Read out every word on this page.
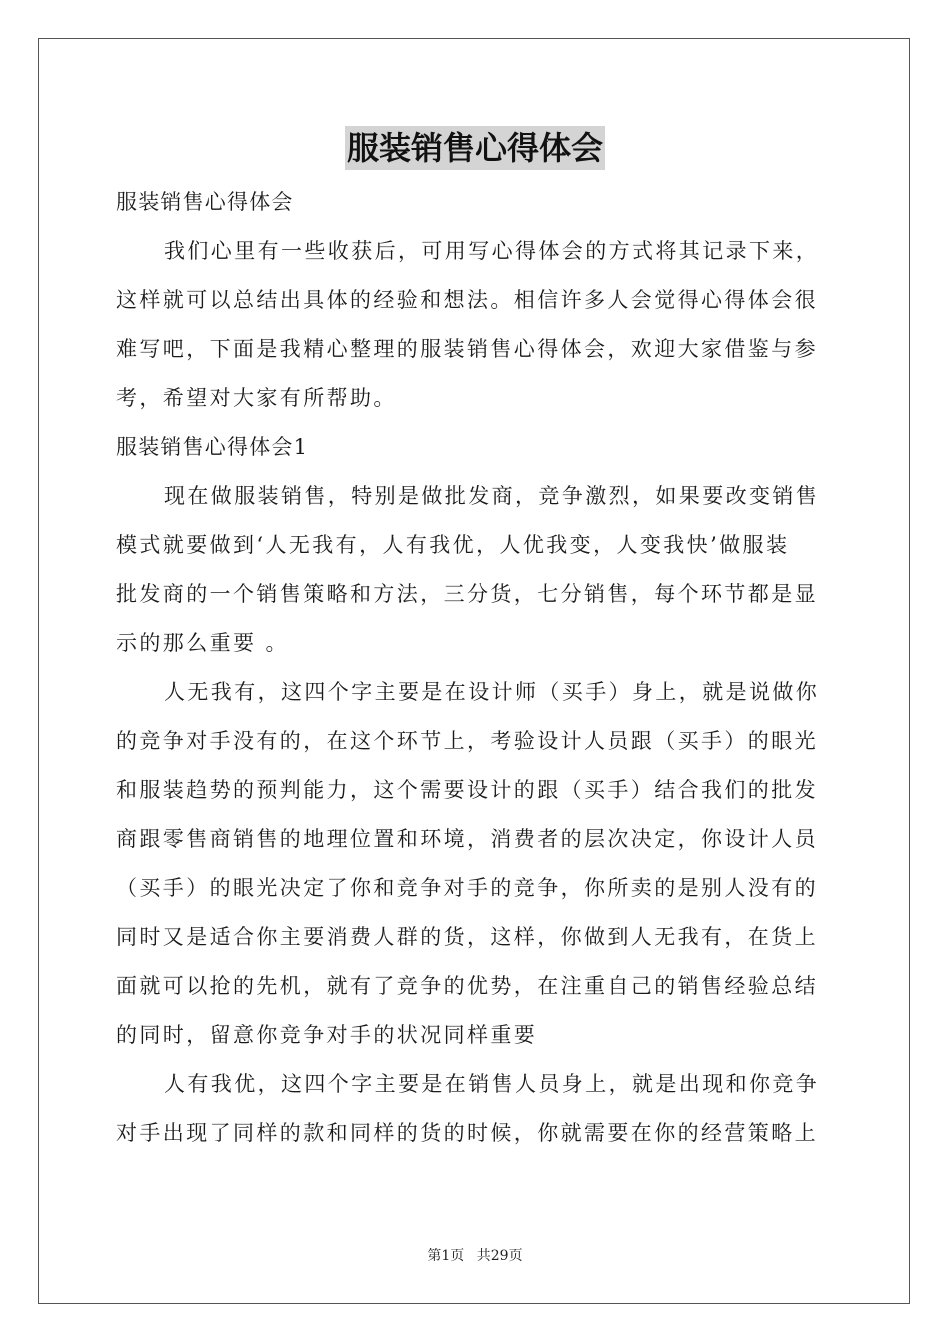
服装销售心得体会
服装销售心得体会
我们心里有一些收获后，可用写心得体会的方式将其记录下来，
这样就可以总结出具体的经验和想法。相信许多人会觉得心得体会很
难写吧，下面是我精心整理的服装销售心得体会，欢迎大家借鉴与参
考，希望对大家有所帮助。
服装销售心得体会1
现在做服装销售，特别是做批发商，竞争激烈，如果要改变销售
模式就要做到‘人无我有，人有我优，人优我变，人变我快’做服装
批发商的一个销售策略和方法，三分货，七分销售，每个环节都是显
示的那么重要 。
人无我有，这四个字主要是在设计师（买手）身上，就是说做你
的竞争对手没有的，在这个环节上，考验设计人员跟（买手）的眼光
和服装趋势的预判能力，这个需要设计的跟（买手）结合我们的批发
商跟零售商销售的地理位置和环境，消费者的层次决定，你设计人员
（买手）的眼光决定了你和竞争对手的竞争，你所卖的是别人没有的
同时又是适合你主要消费人群的货，这样，你做到人无我有，在货上
面就可以抢的先机，就有了竞争的优势，在注重自己的销售经验总结
的同时，留意你竞争对手的状况同样重要
人有我优，这四个字主要是在销售人员身上，就是出现和你竞争
对手出现了同样的款和同样的货的时候，你就需要在你的经营策略上
第1页 共29页
